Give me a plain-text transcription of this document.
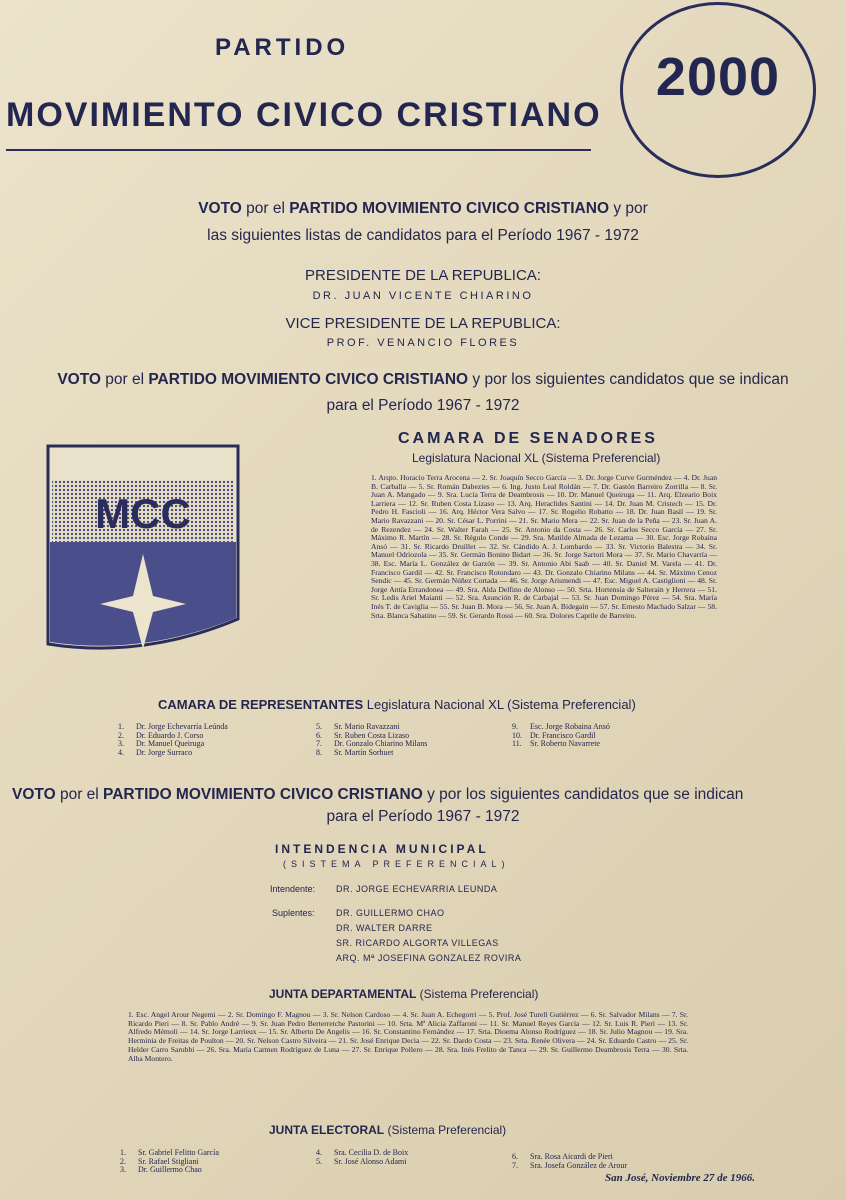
PARTIDO
MOVIMIENTO CIVICO CRISTIANO
2000
VOTO por el PARTIDO MOVIMIENTO CIVICO CRISTIANO y por
las siguientes listas de candidatos para el Período 1967 - 1972
PRESIDENTE DE LA REPUBLICA:
DR. JUAN VICENTE CHIARINO
VICE PRESIDENTE DE LA REPUBLICA:
PROF. VENANCIO FLORES
VOTO por el PARTIDO MOVIMIENTO CIVICO CRISTIANO y por los siguientes candidatos que se indican
para el Período 1967 - 1972
MCC
CAMARA DE SENADORES
Legislatura Nacional XL (Sistema Preferencial)
1. Arqto. Horacio Terra Arocena — 2. Sr. Joaquín Secco García — 3. Dr. Jorge Curve Gurméndez — 4. Dr. Juan B. Carballa — 5. Sr. Román Dabezies — 6. Ing. Justo Leal Roldán — 7. Dr. Gastón Barreiro Zorrilla — 8. Sr. Juan A. Mangado — 9. Sra. Lucía Terra de Deambrosis — 10. Dr. Manuel Queiruga — 11. Arq. Elzeario Boix Larriera — 12. Sr. Ruben Costa Lizaso — 13. Arq. Heraclides Santini — 14. Dr. Juan M. Cristech — 15. Dr. Pedro H. Fascioli — 16. Arq. Héctor Vera Salvo — 17. Sr. Rogelio Robatto — 18. Dr. Juan Basil — 19. Sr. Mario Ravazzani — 20. Sr. César L. Porrini — 21. Sr. Mario Mera — 22. Sr. Juan de la Peña — 23. Sr. Juan A. de Rezendez — 24. Sr. Walter Farah — 25. Sr. Antonio da Costa — 26. Sr. Carlos Secco García — 27. Sr. Máximo R. Martín — 28. Sr. Régulo Conde — 29. Sra. Matilde Almada de Lezama — 30. Esc. Jorge Robaina Ansó — 31. Sr. Ricardo Druillet — 32. Sr. Cándido A. J. Lombardo — 33. Sr. Victorio Balestra — 34. Sr. Manuel Odriozola — 35. Sr. Germán Bonino Bidart — 36. Sr. Jorge Sartori Mora — 37. Sr. Mario Chavarría — 38. Esc. María L. González de Garzón — 39. Sr. Antonio Abi Saab — 40. Sr. Daniel M. Varela — 41. Dr. Francisco Gardil — 42. Sr. Francisco Rotondaro — 43. Dr. Gonzalo Chiarino Milans — 44. Sr. Máximo Cenoz Sendic — 45. Sr. Germán Núñez Cortada — 46. Sr. Jorge Arismendi — 47. Esc. Miguel A. Castiglioni — 48. Sr. Jorge Antía Errandonea — 49. Sra. Alda Delfino de Alonso — 50. Srta. Hortensia de Salterain y Herrera — 51. Sr. Ledis Ariel Maianti — 52. Sra. Asunción R. de Carbajal — 53. Sr. Juan Domingo Pérez — 54. Sra. María Inés T. de Caviglia — 55. Sr. Juan B. Mora — 56. Sr. Juan A. Bidegain — 57. Sr. Ernesto Machado Salzar — 58. Srta. Blanca Sabatino — 59. Sr. Gerardo Rossi — 60. Sra. Dolores Caprile de Barreiro.
CAMARA DE REPRESENTANTES Legislatura Nacional XL (Sistema Preferencial)
1. Dr. Jorge Echevarría Leúnda
2. Dr. Eduardo J. Corso
3. Dr. Manuel Queiruga
4. Dr. Jorge Surraco
5. Sr. Mario Ravazzani
6. Sr. Ruben Costa Lizaso
7. Dr. Gonzalo Chiarino Milans
8. Sr. Martín Sorhuet
9. Esc. Jorge Robaina Ansó
10. Dr. Francisco Gardil
11. Sr. Roberto Navarrete
VOTO por el PARTIDO MOVIMIENTO CIVICO CRISTIANO y por los siguientes candidatos que se indican
para el Período 1967 - 1972
INTENDENCIA MUNICIPAL
(SISTEMA PREFERENCIAL)
Intendente: DR. JORGE ECHEVARRIA LEUNDA
Suplentes: DR. GUILLERMO CHAO
DR. WALTER DARRE
SR. RICARDO ALGORTA VILLEGAS
ARQ. Mª JOSEFINA GONZALEZ ROVIRA
JUNTA DEPARTAMENTAL (Sistema Preferencial)
1. Esc. Angel Arour Negemi — 2. Sr. Domingo F. Magnou — 3. Sr. Nelson Cardoso — 4. Sr. Juan A. Echegorri — 5. Prof. José Turell Gutiérrez — 6. Sr. Salvador Milans — 7. Sr. Ricardo Pieri — 8. Sr. Pablo André — 9. Sr. Juan Pedro Berterretche Pastorini — 10. Srta. Mª Alicia Zaffaroni — 11. Sr. Manuel Reyes García — 12. Sr. Luis R. Pieri — 13. Sr. Alfredo Mémoli — 14. Sr. Jorge Larrieux — 15. Sr. Alberto De Angelis — 16. Sr. Constantino Fernández — 17. Srta. Dioema Alonso Rodríguez — 18. Sr. Julio Magnou — 19. Sra. Herminia de Freitas de Poulton — 20. Sr. Nelson Castro Silveira — 21. Sr. José Enrique Decia — 22. Sr. Dardo Costa — 23. Srta. Renée Olivera — 24. Sr. Eduardo Castro — 25. Sr. Helder Carro Sarubbi — 26. Sra. María Carmen Rodríguez de Luna — 27. Sr. Enrique Pollero — 28. Sra. Inés Frelito de Tanca — 29. Sr. Guillermo Deambrosis Terra — 30. Srta. Alba Montero.
JUNTA ELECTORAL (Sistema Preferencial)
1. Sr. Gabriel Felitto García
2. Sr. Rafael Stigliani
3. Dr. Guillermo Chao
4. Sra. Cecilia D. de Boix
5. Sr. José Alonso Adami
6. Sra. Rosa Aicardi de Pieri
7. Sra. Josefa González de Arour
San José, Noviembre 27 de 1966.
